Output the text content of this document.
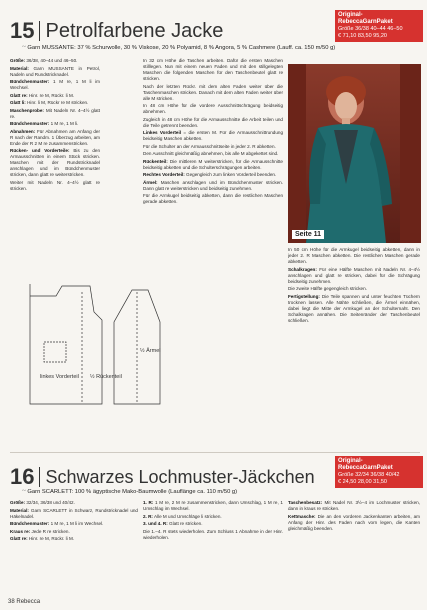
15 Petrolfarbene Jacke
Original-
RebeccaGarnPaket
Größe 36/38 40–44 46–50
€ 71,10 83,50 95,20
~ Garn MUSSANTE: 37 % Schurwolle, 30 % Viskose, 20 % Polyamid, 8 % Angora, 5 % Cashmere (Lauff. ca. 150 m/50 g)

Größe: 36/38, 40–44 und 46–50.

Material: Garn MUSSANTE in Petrol, Nadeln und Rundstricknadel.

Bündchenmuster: 1 M re, 1 M li im Wechsel.

Glatt re: Hinr. re M, Rückr. li M.

Glatt li: Hinr. li M, Rückr re M stricken.

Maschenprobe: Mit Nadeln Nr. 4–4½ glatt re.

Bündchenmuster: 1 M re, 1 M li.

Abnahmen: Für Abnahmen am Anfang der R nach der Randm. 1 Überzug arbeiten, am Ende der R 2 M re zusammenstricken.

Rücken- und Vorderteile: Bis zu den Armausschnitten in einem Stück stricken. Maschen mit der Rundstricknadel anschlagen und im Bündchenmuster stricken, dann glatt re weiterstricken.

Weiter mit Nadeln Nr. 4–4½ glatt re stricken.

In 32 cm Höhe die Taschen arbeiten. Dafür die ersten Maschen stilllegen. Nun mit einem neuen Faden und mit den stillgelegten Maschen die folgenden Maschen für den Taschenbeutel glatt re stricken.

Nach der letzten Rückr. mit dem alten Faden weiter über die Taschenmaschen stricken. Danach mit dem alten Faden weiter über alle M stricken.

In 48 cm Höhe für die vordere Ausschnittschrägung beidseitig abnehmen.

Zugleich in 48 cm Höhe für die Armausschnitte die Arbeit teilen und die Teile getrennt beenden.

Linkes Vorderteil = die ersten M. Für die Armausschnittrundung beidseitig Maschen abketten.

Für die Schulter an der Armausschnittseite in jeder 2. R abketten.

Den Ausschnitt gleichmäßig abnehmen, bis alle M abgekettet sind.

Rückenteil: Die mittleren M weiterstricken, für die Armausschnitte beidseitig abketten und die Schulterschrägungen arbeiten.

Rechtes Vorderteil: Gegengleich zum linken Vorderteil beenden.

Ärmel: Maschen anschlagen und im Bündchenmuster stricken. Dann glatt re weiterstricken und beidseitig zunehmen.

Für die Armkugel beidseitig abketten, dann die restlichen Maschen gerade abketten.

Seite 11

In 50 cm Höhe für die Armkugel beidseitig abketten, dann in jeder 2. R Maschen abketten. Die restlichen Maschen gerade abketten.

Schalkragen: Für eine Hälfte Maschen mit Nadeln Nr. 4–4½ anschlagen und glatt re stricken, dabei für die Schrägung beidseitig zunehmen.

Die zweite Hälfte gegengleich stricken.

Fertigstellung: Die Teile spannen und unter feuchten Tüchern trocknen lassen. Alle Nähte schließen, die Ärmel einnähen, dabei liegt die Mitte der Armkugel an der Schulternaht. Den Schalkragen annähen. Die Seitenränder der Taschenbeutel schließen.

linkes Vorderteil ½ Rückenteil
½ Ärmel
16 Schwarzes Lochmuster-Jäckchen
Original-
RebeccaGarnPaket
Größe 32/34 36/38 40/42
€ 24,50 28,00 31,50
~ Garn SCARLETT: 100 % ägyptische Mako-Baumwolle (Lauflänge ca. 110 m/50 g)

Größe: 32/34, 36/38 und 40/42.

Material: Garn SCARLETT in Schwarz, Rundstricknadel und Häkelnadel.

Bündchenmuster: 1 M re, 1 M li im Wechsel.

Kraus re: Jede R re stricken.

Glatt re: Hinr. re M, Rückr. li M.

1. R: 1 M re, 2 M re zusammenstricken, dann Umschlag, 1 M re, 1 Umschlag im Wechsel.

2. R: Alle M und Umschläge li stricken.

3. und 4. R: Glatt re stricken.

Die 1.–4. R stets wiederholen. Zum Schluss 1 Abnahme in der Hinr. wiederholen.

Taschenbesatz: Mit Nadel Nr. 3½–4 im Lochmuster stricken, dann in kraus re stricken.

Kettmasche: Die an den vorderen Jackenkanten arbeiten, am Anfang der Hinr. des Faden nach vorn legen, die Kanten gleichmäßig beenden.

38 Rebecca
